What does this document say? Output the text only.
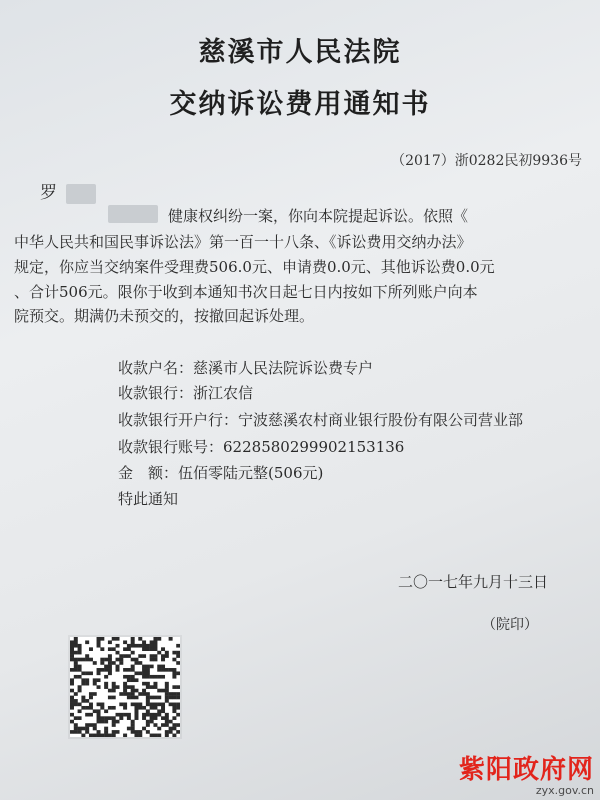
慈溪市人民法院
交纳诉讼费用通知书
（2017）浙0282民初9936号
罗
健康权纠纷一案，你向本院提起诉讼。依照《
中华人民共和国民事诉讼法》第一百一十八条、《诉讼费用交纳办法》
规定，你应当交纳案件受理费506.0元、申请费0.0元、其他诉讼费0.0元
、合计506元。限你于收到本通知书次日起七日内按如下所列账户向本
院预交。期满仍未预交的，按撤回起诉处理。
收款户名：慈溪市人民法院诉讼费专户
收款银行：浙江农信
收款银行开户行：宁波慈溪农村商业银行股份有限公司营业部
收款银行账号：6228580299902153136
金　额：伍佰零陆元整(506元)
特此通知
二〇一七年九月十三日
（院印）
紫阳政府网
zyx.gov.cn
